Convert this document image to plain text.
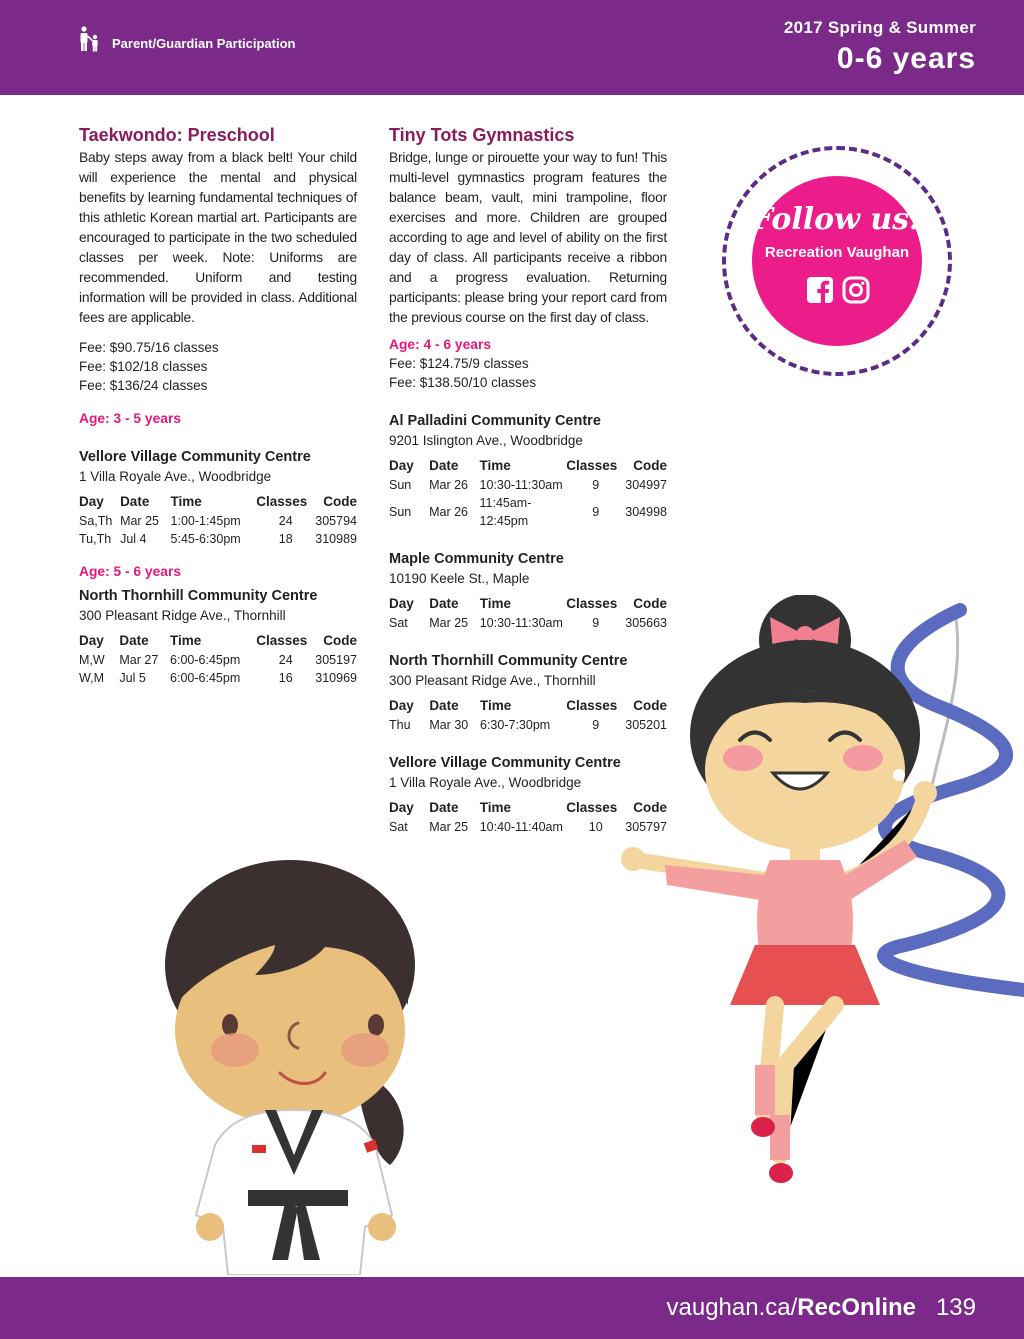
Parent/Guardian Participation
2017 Spring & Summer
0-6 years
Taekwondo: Preschool

Baby steps away from a black belt! Your child will experience the mental and physical benefits by learning fundamental techniques of this athletic Korean martial art. Participants are encouraged to participate in the two scheduled classes per week. Note: Uniforms are recommended. Uniform and testing information will be provided in class. Additional fees are applicable.

Fee: $90.75/16 classes
Fee: $102/18 classes
Fee: $136/24 classes
Age: 3 - 5 years
Vellore Village Community Centre
1 Villa Royale Ave., Woodbridge
Day	Date	Time	Classes	Code
Sa,Th	Mar 25	1:00-1:45pm	24	305794
Tu,Th	Jul 4	5:45-6:30pm	18	310989
Age: 5 - 6 years
North Thornhill Community Centre
300 Pleasant Ridge Ave., Thornhill
Day	Date	Time	Classes	Code
M,W	Mar 27	6:00-6:45pm	24	305197
W,M	Jul 5	6:00-6:45pm	16	310969
Tiny Tots Gymnastics

Bridge, lunge or pirouette your way to fun! This multi-level gymnastics program features the balance beam, vault, mini trampoline, floor exercises and more. Children are grouped according to age and level of ability on the first day of class. All participants receive a ribbon and a progress evaluation. Returning participants: please bring your report card from the previous course on the first day of class.

Age: 4 - 6 years
Fee: $124.75/9 classes
Fee: $138.50/10 classes
Al Palladini Community Centre
9201 Islington Ave., Woodbridge
Day	Date	Time	Classes	Code
Sun	Mar 26	10:30-11:30am	9	304997
Sun	Mar 26	11:45am-12:45pm	9	304998
Maple Community Centre
10190 Keele St., Maple
Day	Date	Time	Classes	Code
Sat	Mar 25	10:30-11:30am	9	305663
North Thornhill Community Centre
300 Pleasant Ridge Ave., Thornhill
Day	Date	Time	Classes	Code
Thu	Mar 30	6:30-7:30pm	9	305201
Vellore Village Community Centre
1 Villa Royale Ave., Woodbridge
Day	Date	Time	Classes	Code
Sat	Mar 25	10:40-11:40am	10	305797
Follow us!
Recreation Vaughan
vaughan.ca/RecOnline 139
